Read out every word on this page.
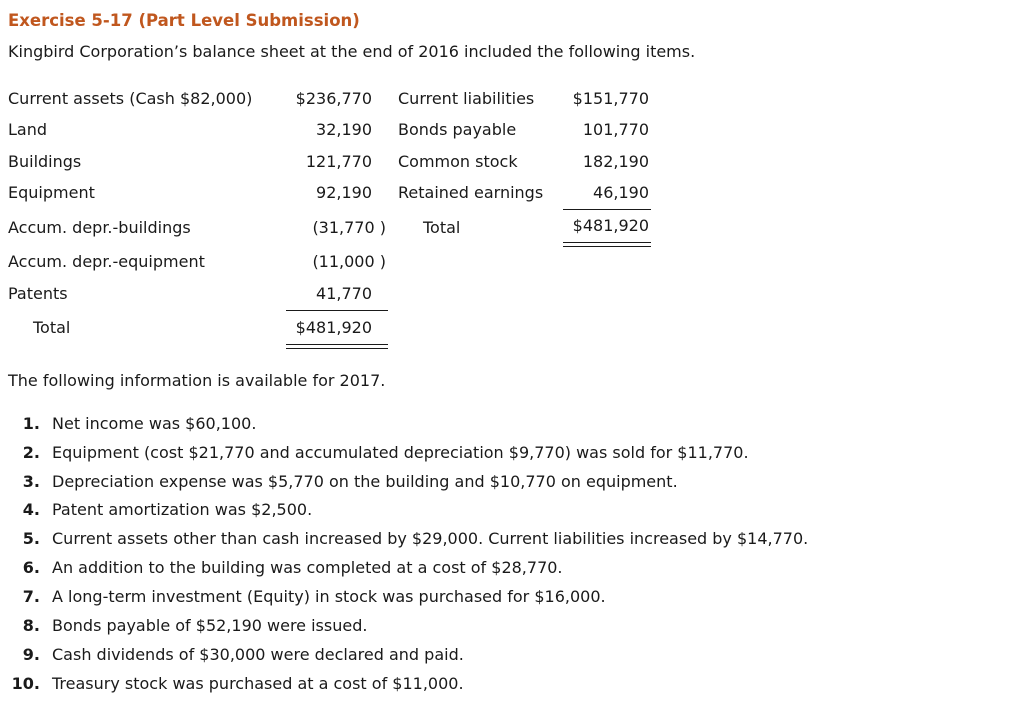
Exercise 5-17 (Part Level Submission)
Kingbird Corporation’s balance sheet at the end of 2016 included the following items.
Current assets (Cash $82,000)	$236,770
Land	32,190
Buildings	121,770
Equipment	92,190
Accum. depr.-buildings	(31,770 )
Accum. depr.-equipment	(11,000 )
Patents	41,770
Total	$481,920
Current liabilities	$151,770
Bonds payable	101,770
Common stock	182,190
Retained earnings	46,190
Total	$481,920
The following information is available for 2017.
1. Net income was $60,100.
2. Equipment (cost $21,770 and accumulated depreciation $9,770) was sold for $11,770.
3. Depreciation expense was $5,770 on the building and $10,770 on equipment.
4. Patent amortization was $2,500.
5. Current assets other than cash increased by $29,000. Current liabilities increased by $14,770.
6. An addition to the building was completed at a cost of $28,770.
7. A long-term investment (Equity) in stock was purchased for $16,000.
8. Bonds payable of $52,190 were issued.
9. Cash dividends of $30,000 were declared and paid.
10. Treasury stock was purchased at a cost of $11,000.
